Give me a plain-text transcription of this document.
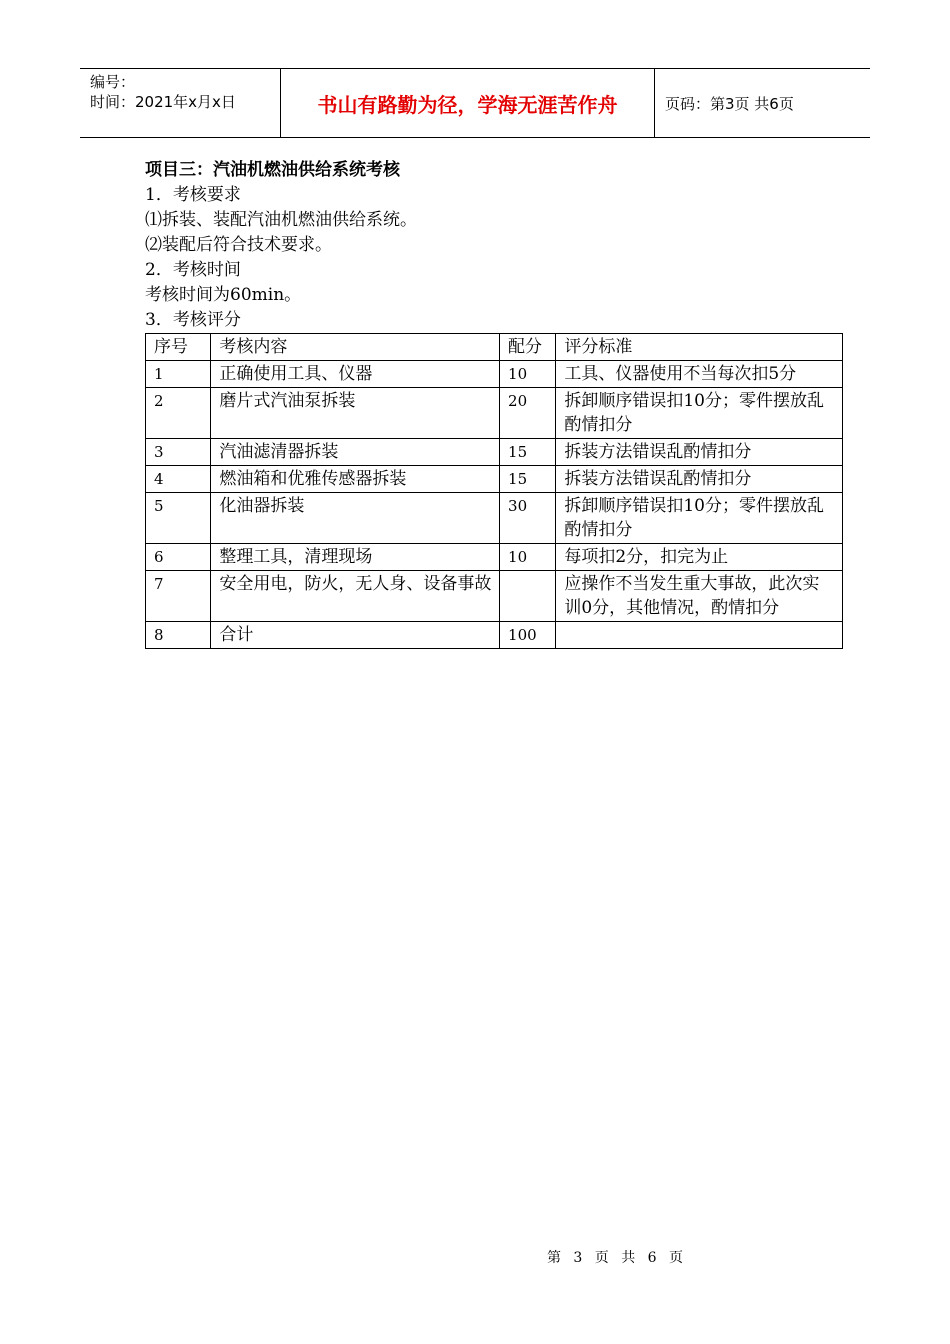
编号：
时间：2021年x月x日	书山有路勤为径，学海无涯苦作舟	页码：第3页 共6页
项目三：汽油机燃油供给系统考核
1．考核要求
⑴拆装、装配汽油机燃油供给系统。
⑵装配后符合技术要求。
2．考核时间
考核时间为60min。
3．考核评分
序号	考核内容	配分	评分标准
1	正确使用工具、仪器	10	工具、仪器使用不当每次扣5分
2	磨片式汽油泵拆装	20	拆卸顺序错误扣10分；零件摆放乱酌情扣分
3	汽油滤清器拆装	15	拆装方法错误乱酌情扣分
4	燃油箱和优雅传感器拆装	15	拆装方法错误乱酌情扣分
5	化油器拆装	30	拆卸顺序错误扣10分；零件摆放乱酌情扣分
6	整理工具，清理现场	10	每项扣2分，扣完为止
7	安全用电，防火，无人身、设备事故		应操作不当发生重大事故，此次实训0分，其他情况，酌情扣分
8	合计	100	
第 3 页 共 6 页
